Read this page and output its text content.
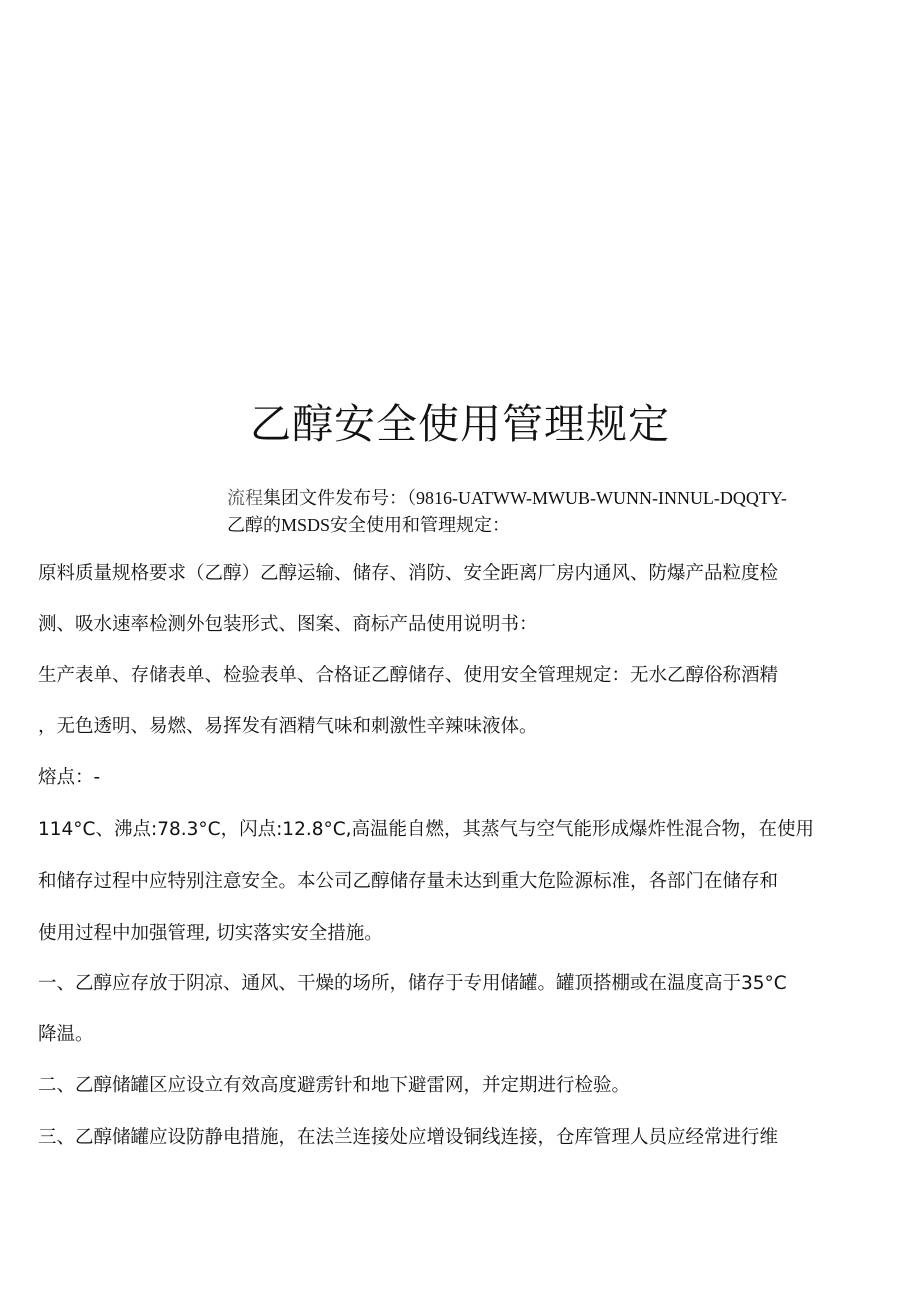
乙醇安全使用管理规定
流程集团文件发布号：（9816-UATWW-MWUB-WUNN-INNUL-DQQTY-
乙醇的MSDS安全使用和管理规定：
原料质量规格要求（乙醇）乙醇运输、储存、消防、安全距离厂房内通风、防爆产品粒度检
测、吸水速率检测外包装形式、图案、商标产品使用说明书：
生产表单、存储表单、检验表单、合格证乙醇储存、使用安全管理规定：无水乙醇俗称酒精
，无色透明、易燃、易挥发有酒精气味和刺激性辛辣味液体。
熔点：-
114°C、沸点:78.3°C，闪点:12.8°C,高温能自燃，其蒸气与空气能形成爆炸性混合物，在使用
和储存过程中应特别注意安全。本公司乙醇储存量未达到重大危险源标准，各部门在储存和
使用过程中加强管理, 切实落实安全措施。
一、乙醇应存放于阴凉、通风、干燥的场所，储存于专用储罐。罐顶搭棚或在温度高于35°C
降温。
二、乙醇储罐区应设立有效高度避雳针和地下避雷网，并定期进行检验。
三、乙醇储罐应设防静电措施，在法兰连接处应增设铜线连接，仓库管理人员应经常进行维
